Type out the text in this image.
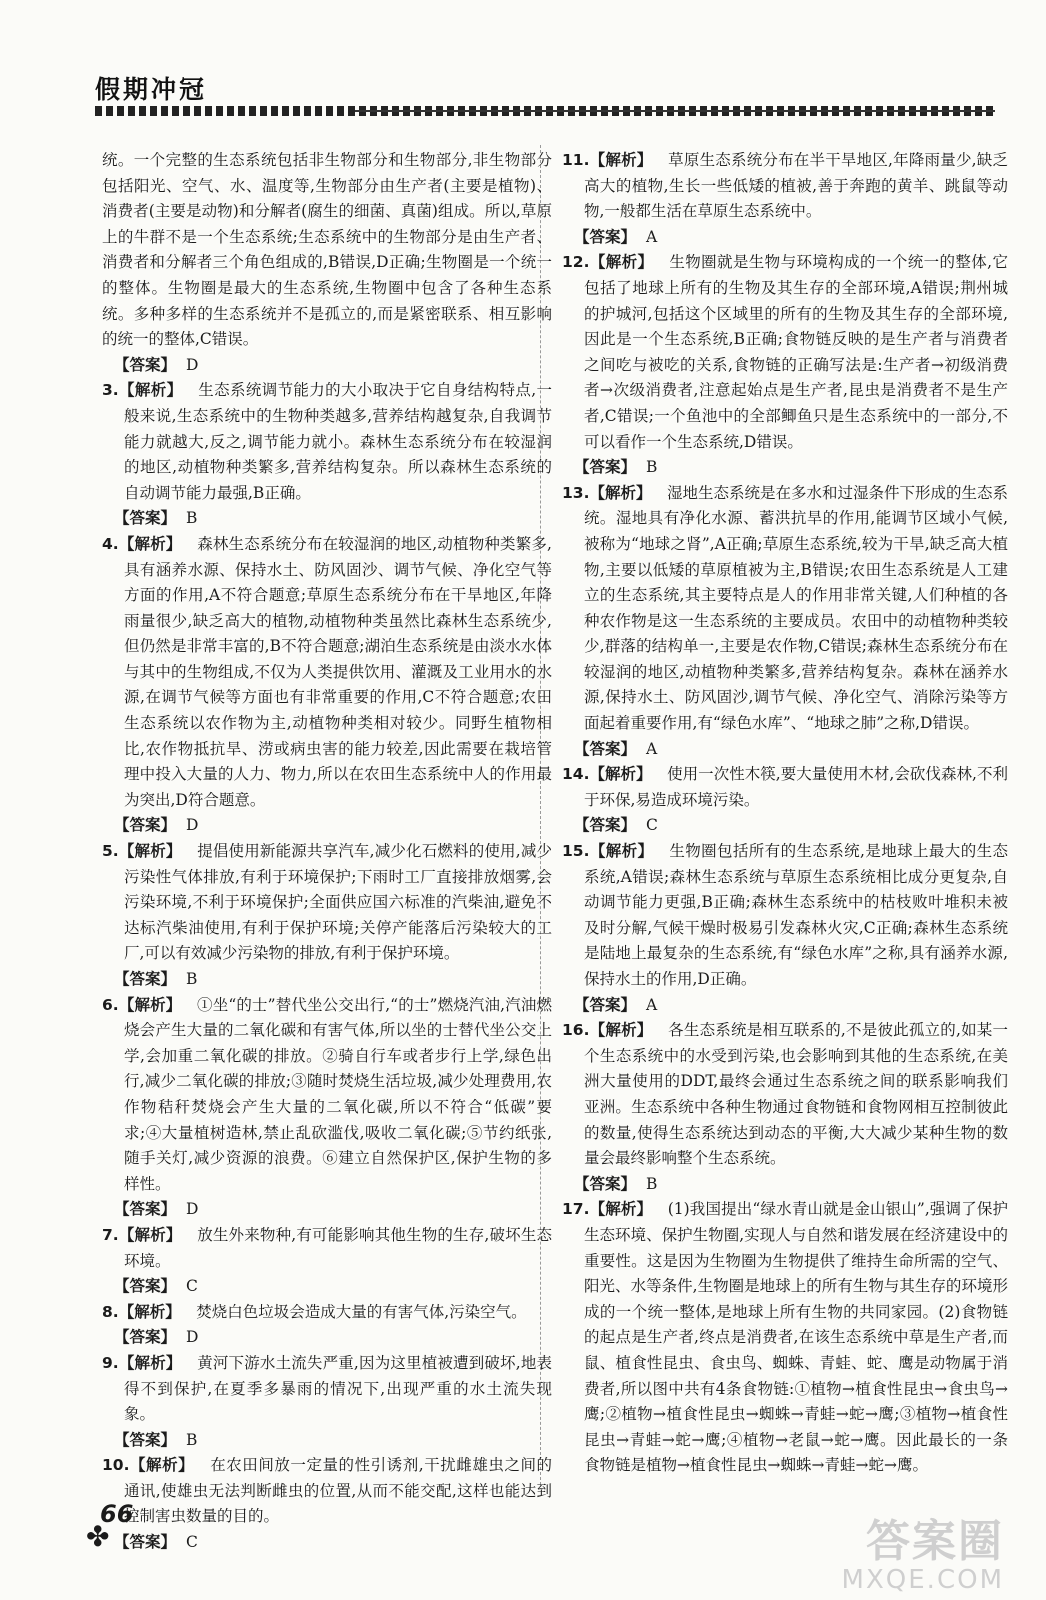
假期冲冠

统。一个完整的生态系统包括非生物部分和生物部分,非生物部分包括阳光、空气、水、温度等,生物部分由生产者(主要是植物)、消费者(主要是动物)和分解者(腐生的细菌、真菌)组成。所以,草原上的牛群不是一个生态系统;生态系统中的生物部分是由生产者、消费者和分解者三个角色组成的,B错误,D正确;生物圈是一个统一的整体。生物圈是最大的生态系统,生物圈中包含了各种生态系统。多种多样的生态系统并不是孤立的,而是紧密联系、相互影响的统一的整体,C错误。

【答案】 D

3.【解析】  生态系统调节能力的大小取决于它自身结构特点,一般来说,生态系统中的生物种类越多,营养结构越复杂,自我调节能力就越大,反之,调节能力就小。森林生态系统分布在较湿润的地区,动植物种类繁多,营养结构复杂。所以森林生态系统的自动调节能力最强,B正确。

【答案】 B

4.【解析】  森林生态系统分布在较湿润的地区,动植物种类繁多,具有涵养水源、保持水土、防风固沙、调节气候、净化空气等方面的作用,A不符合题意;草原生态系统分布在干旱地区,年降雨量很少,缺乏高大的植物,动植物种类虽然比森林生态系统少,但仍然是非常丰富的,B不符合题意;湖泊生态系统是由淡水水体与其中的生物组成,不仅为人类提供饮用、灌溉及工业用水的水源,在调节气候等方面也有非常重要的作用,C不符合题意;农田生态系统以农作物为主,动植物种类相对较少。同野生植物相比,农作物抵抗旱、涝或病虫害的能力较差,因此需要在栽培管理中投入大量的人力、物力,所以在农田生态系统中人的作用最为突出,D符合题意。

【答案】 D

5.【解析】  提倡使用新能源共享汽车,减少化石燃料的使用,减少污染性气体排放,有利于环境保护;下雨时工厂直接排放烟雾,会污染环境,不利于环境保护;全面供应国六标准的汽柴油,避免不达标汽柴油使用,有利于保护环境;关停产能落后污染较大的工厂,可以有效减少污染物的排放,有利于保护环境。

【答案】 B

6.【解析】  ①坐“的士”替代坐公交出行,“的士”燃烧汽油,汽油燃烧会产生大量的二氧化碳和有害气体,所以坐的士替代坐公交上学,会加重二氧化碳的排放。②骑自行车或者步行上学,绿色出行,减少二氧化碳的排放;③随时焚烧生活垃圾,减少处理费用,农作物秸秆焚烧会产生大量的二氧化碳,所以不符合“低碳”要求;④大量植树造林,禁止乱砍滥伐,吸收二氧化碳;⑤节约纸张,随手关灯,减少资源的浪费。⑥建立自然保护区,保护生物的多样性。

【答案】 D

7.【解析】  放生外来物种,有可能影响其他生物的生存,破坏生态环境。

【答案】 C

8.【解析】  焚烧白色垃圾会造成大量的有害气体,污染空气。

【答案】 D

9.【解析】  黄河下游水土流失严重,因为这里植被遭到破坏,地表得不到保护,在夏季多暴雨的情况下,出现严重的水土流失现象。

【答案】 B

10.【解析】  在农田间放一定量的性引诱剂,干扰雌雄虫之间的通讯,使雄虫无法判断雌虫的位置,从而不能交配,这样也能达到控制害虫数量的目的。

【答案】 C

11.【解析】  草原生态系统分布在半干旱地区,年降雨量少,缺乏高大的植物,生长一些低矮的植被,善于奔跑的黄羊、跳鼠等动物,一般都生活在草原生态系统中。

【答案】 A

12.【解析】  生物圈就是生物与环境构成的一个统一的整体,它包括了地球上所有的生物及其生存的全部环境,A错误;荆州城的护城河,包括这个区域里的所有的生物及其生存的全部环境,因此是一个生态系统,B正确;食物链反映的是生产者与消费者之间吃与被吃的关系,食物链的正确写法是:生产者→初级消费者→次级消费者,注意起始点是生产者,昆虫是消费者不是生产者,C错误;一个鱼池中的全部鲫鱼只是生态系统中的一部分,不可以看作一个生态系统,D错误。

【答案】 B

13.【解析】  湿地生态系统是在多水和过湿条件下形成的生态系统。湿地具有净化水源、蓄洪抗旱的作用,能调节区域小气候,被称为“地球之肾”,A正确;草原生态系统,较为干旱,缺乏高大植物,主要以低矮的草原植被为主,B错误;农田生态系统是人工建立的生态系统,其主要特点是人的作用非常关键,人们种植的各种农作物是这一生态系统的主要成员。农田中的动植物种类较少,群落的结构单一,主要是农作物,C错误;森林生态系统分布在较湿润的地区,动植物种类繁多,营养结构复杂。森林在涵养水源,保持水土、防风固沙,调节气候、净化空气、消除污染等方面起着重要作用,有“绿色水库”、“地球之肺”之称,D错误。

【答案】 A

14.【解析】  使用一次性木筷,要大量使用木材,会砍伐森林,不利于环保,易造成环境污染。

【答案】 C

15.【解析】  生物圈包括所有的生态系统,是地球上最大的生态系统,A错误;森林生态系统与草原生态系统相比成分更复杂,自动调节能力更强,B正确;森林生态系统中的枯枝败叶堆积未被及时分解,气候干燥时极易引发森林火灾,C正确;森林生态系统是陆地上最复杂的生态系统,有“绿色水库”之称,具有涵养水源,保持水土的作用,D正确。

【答案】 A

16.【解析】  各生态系统是相互联系的,不是彼此孤立的,如某一个生态系统中的水受到污染,也会影响到其他的生态系统,在美洲大量使用的DDT,最终会通过生态系统之间的联系影响我们亚洲。生态系统中各种生物通过食物链和食物网相互控制彼此的数量,使得生态系统达到动态的平衡,大大减少某种生物的数量会最终影响整个生态系统。

【答案】 B

17.【解析】  (1)我国提出“绿水青山就是金山银山”,强调了保护生态环境、保护生物圈,实现人与自然和谐发展在经济建设中的重要性。这是因为生物圈为生物提供了维持生命所需的空气、阳光、水等条件,生物圈是地球上的所有生物与其生存的环境形成的一个统一整体,是地球上所有生物的共同家园。(2)食物链的起点是生产者,终点是消费者,在该生态系统中草是生产者,而鼠、植食性昆虫、食虫鸟、蜘蛛、青蛙、蛇、鹰是动物属于消费者,所以图中共有4条食物链:①植物→植食性昆虫→食虫鸟→鹰;②植物→植食性昆虫→蜘蛛→青蛙→蛇→鹰;③植物→植食性昆虫→青蛙→蛇→鹰;④植物→老鼠→蛇→鹰。因此最长的一条食物链是植物→植食性昆虫→蜘蛛→青蛙→蛇→鹰。

✤
66
答案圈
MXQE.COM
